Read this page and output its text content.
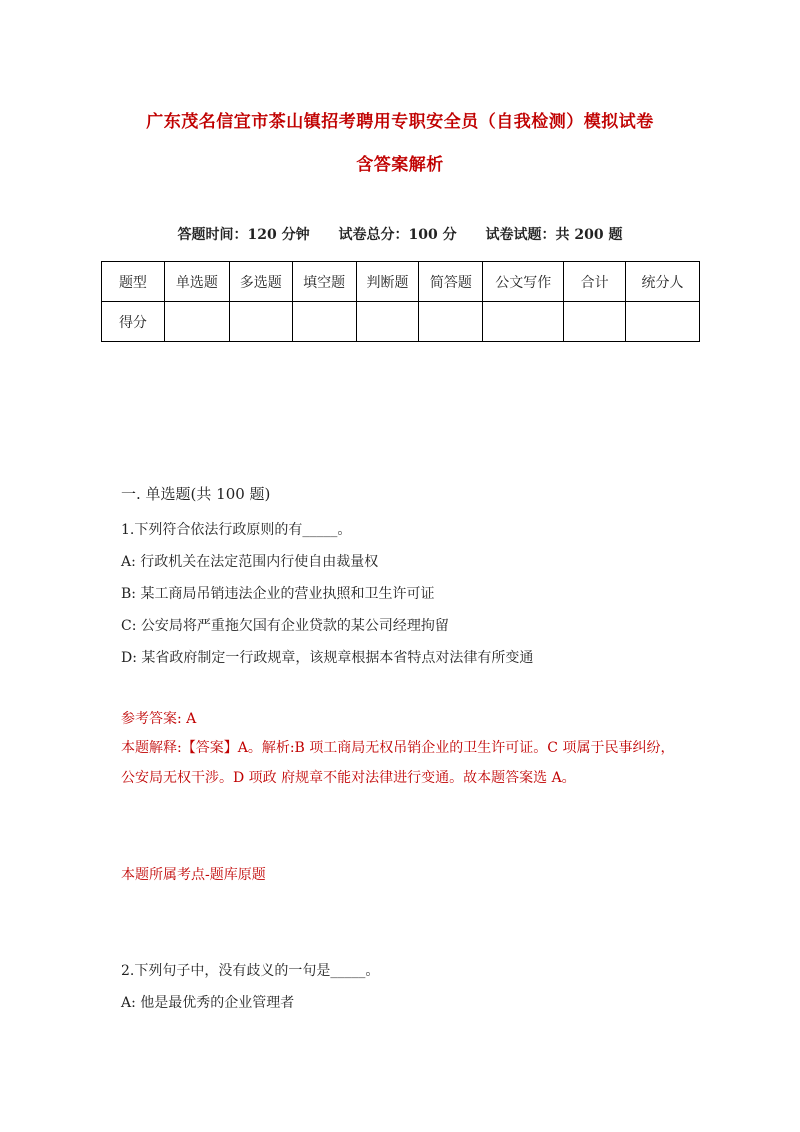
广东茂名信宜市茶山镇招考聘用专职安全员（自我检测）模拟试卷
含答案解析
答题时间：120 分钟 试卷总分：100 分 试卷试题：共 200 题
题型	单选题	多选题	填空题	判断题	简答题	公文写作	合计	统分人
得分								
一. 单选题(共 100 题)
1.下列符合依法行政原则的有_____。
A: 行政机关在法定范围内行使自由裁量权
B: 某工商局吊销违法企业的营业执照和卫生许可证
C: 公安局将严重拖欠国有企业贷款的某公司经理拘留
D: 某省政府制定一行政规章，该规章根据本省特点对法律有所变通
参考答案: A
本题解释:【答案】A。解析:B 项工商局无权吊销企业的卫生许可证。C 项属于民事纠纷，公安局无权干涉。D 项政 府规章不能对法律进行变通。故本题答案选 A。
本题所属考点-题库原题
2.下列句子中，没有歧义的一句是_____。
A: 他是最优秀的企业管理者
